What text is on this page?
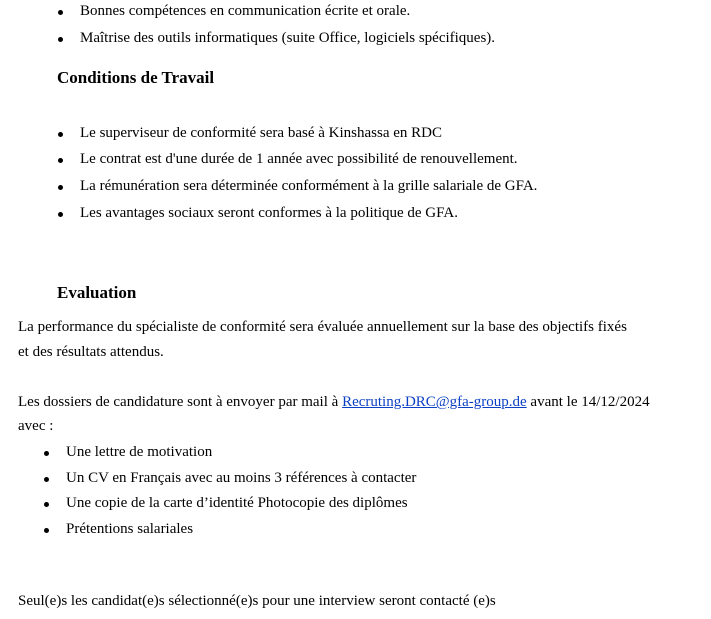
Bonnes compétences en communication écrite et orale.
Maîtrise des outils informatiques (suite Office, logiciels spécifiques).
Conditions de Travail
Le superviseur de conformité sera basé à Kinshassa en RDC
Le contrat est d'une durée de 1 année avec possibilité de renouvellement.
La rémunération sera déterminée conformément à la grille salariale de GFA.
Les avantages sociaux seront conformes à la politique de GFA.
Evaluation
La performance du spécialiste de conformité sera évaluée annuellement sur la base des objectifs fixés
et des résultats attendus.
Les dossiers de candidature sont à envoyer par mail à Recruting.DRC@gfa-group.de avant le 14/12/2024
avec :
Une lettre de motivation
Un CV en Français avec au moins 3 références à contacter
Une copie de la carte d’identité Photocopie des diplômes
Prétentions salariales
Seul(e)s les candidat(e)s sélectionné(e)s pour une interview seront contacté (e)s
